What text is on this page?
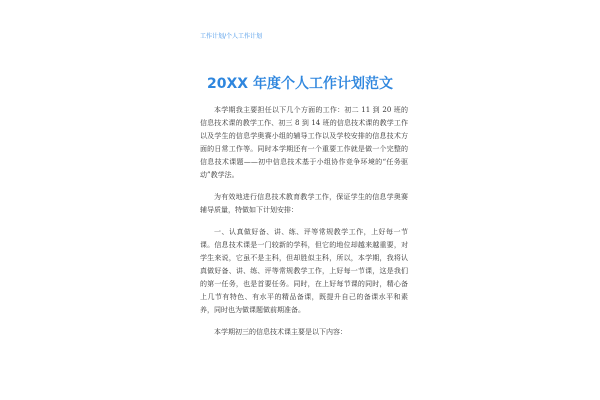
工作计划/个人工作计划
20XX 年度个人工作计划范文

本学期我主要担任以下几个方面的工作：初二 11 到 20 班的信息技术课的教学工作、初三 8 到 14 班的信息技术课的教学工作以及学生的信息学奥赛小组的辅导工作以及学校安排的信息技术方面的日常工作等。同时本学期还有一个重要工作就是做一个完整的信息技术课题——初中信息技术基于小组协作竞争环境的“任务驱动”教学法。

为有效地进行信息技术教育教学工作，保证学生的信息学奥赛辅导质量，特做如下计划安排：

一、认真做好备、讲、练、评等常规教学工作，上好每一节课。信息技术课是一门较新的学科，但它的地位却越来越重要，对学生来说，它虽不是主科，但却胜似主科，所以，本学期，我将认真做好备、讲、练、评等常规教学工作，上好每一节课，这是我们的第一任务，也是首要任务。同时，在上好每节课的同时，精心备上几节有特色、有水平的精品备课，既提升自己的备课水平和素养，同时也为做课题做前期准备。

本学期初三的信息技术课主要是以下内容：
